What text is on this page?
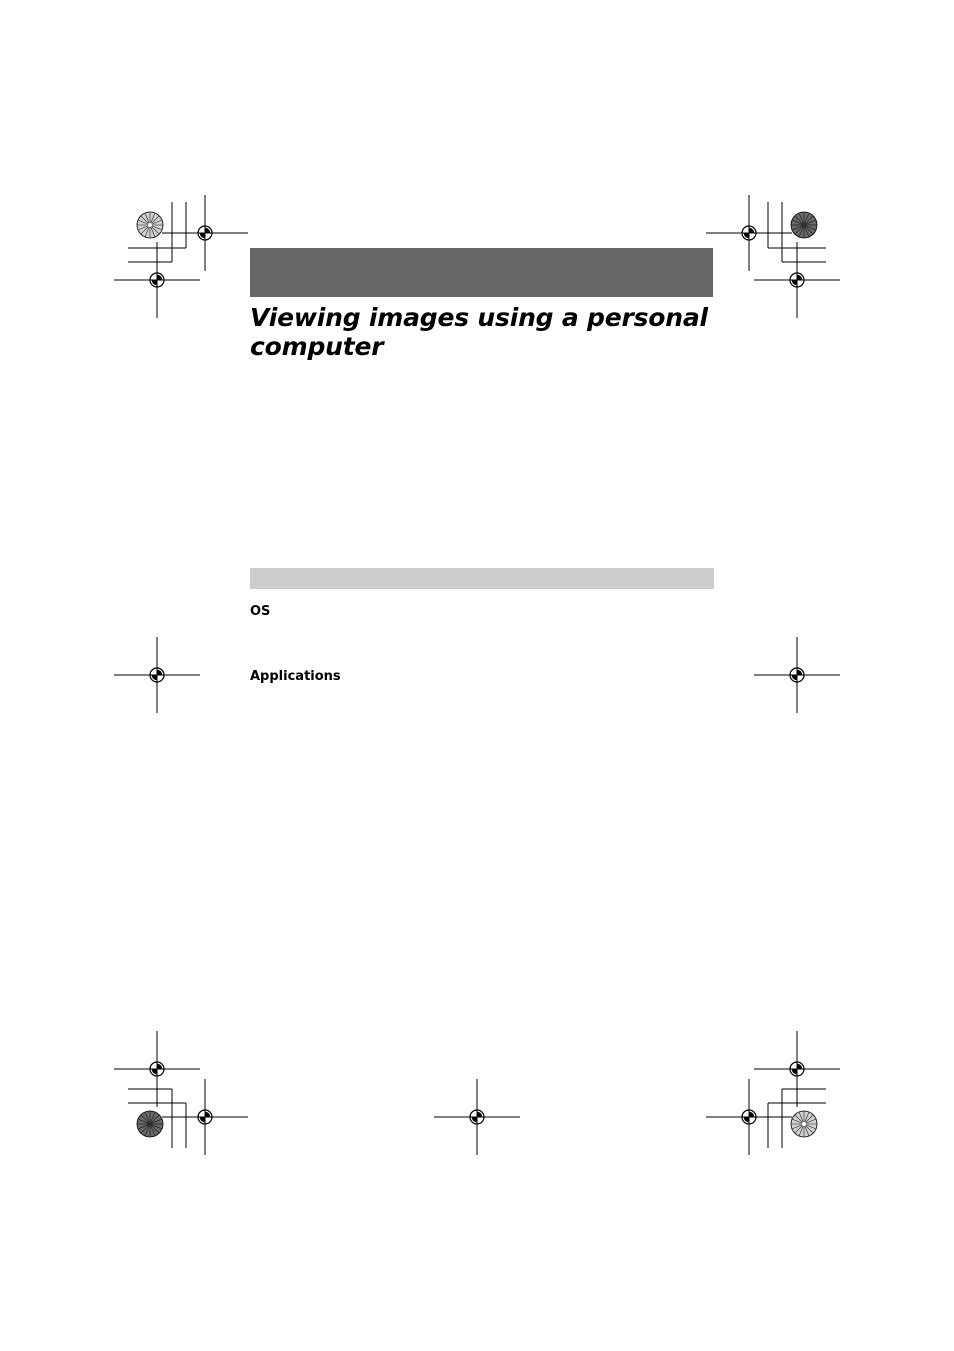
Viewing images using a personal computer
OS
Applications
